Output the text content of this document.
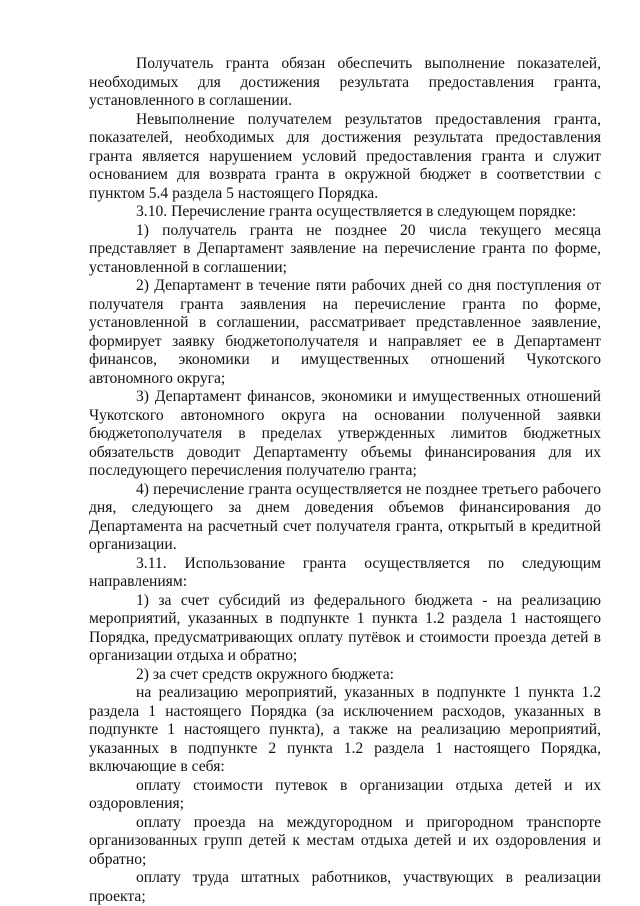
Получатель гранта обязан обеспечить выполнение показателей, необходимых для достижения результата предоставления гранта, установленного в соглашении.

Невыполнение получателем результатов предоставления гранта, показателей, необходимых для достижения результата предоставления гранта является нарушением условий предоставления гранта и служит основанием для возврата гранта в окружной бюджет в соответствии с пунктом 5.4 раздела 5 настоящего Порядка.

3.10. Перечисление гранта осуществляется в следующем порядке:

1) получатель гранта не позднее 20 числа текущего месяца представляет в Департамент заявление на перечисление гранта по форме, установленной в соглашении;

2) Департамент в течение пяти рабочих дней со дня поступления от получателя гранта заявления на перечисление гранта по форме, установленной в соглашении, рассматривает представленное заявление, формирует заявку бюджетополучателя и направляет ее в Департамент финансов, экономики и имущественных отношений Чукотского автономного округа;

3) Департамент финансов, экономики и имущественных отношений Чукотского автономного округа на основании полученной заявки бюджетополучателя в пределах утвержденных лимитов бюджетных обязательств доводит Департаменту объемы финансирования для их последующего перечисления получателю гранта;

4) перечисление гранта осуществляется не позднее третьего рабочего дня, следующего за днем доведения объемов финансирования до Департамента на расчетный счет получателя гранта, открытый в кредитной организации.

3.11. Использование гранта осуществляется по следующим направлениям:

1) за счет субсидий из федерального бюджета - на реализацию мероприятий, указанных в подпункте 1 пункта 1.2 раздела 1 настоящего Порядка, предусматривающих оплату путёвок и стоимости проезда детей в организации отдыха и обратно;

2) за счет средств окружного бюджета:

на реализацию мероприятий, указанных в подпункте 1 пункта 1.2 раздела 1 настоящего Порядка (за исключением расходов, указанных в подпункте 1 настоящего пункта), а также на реализацию мероприятий, указанных в подпункте 2 пункта 1.2 раздела 1 настоящего Порядка, включающие в себя:

оплату стоимости путевок в организации отдыха детей и их оздоровления;

оплату проезда на междугородном и пригородном транспорте организованных групп детей к местам отдыха детей и их оздоровления и обратно;

оплату труда штатных работников, участвующих в реализации проекта;
